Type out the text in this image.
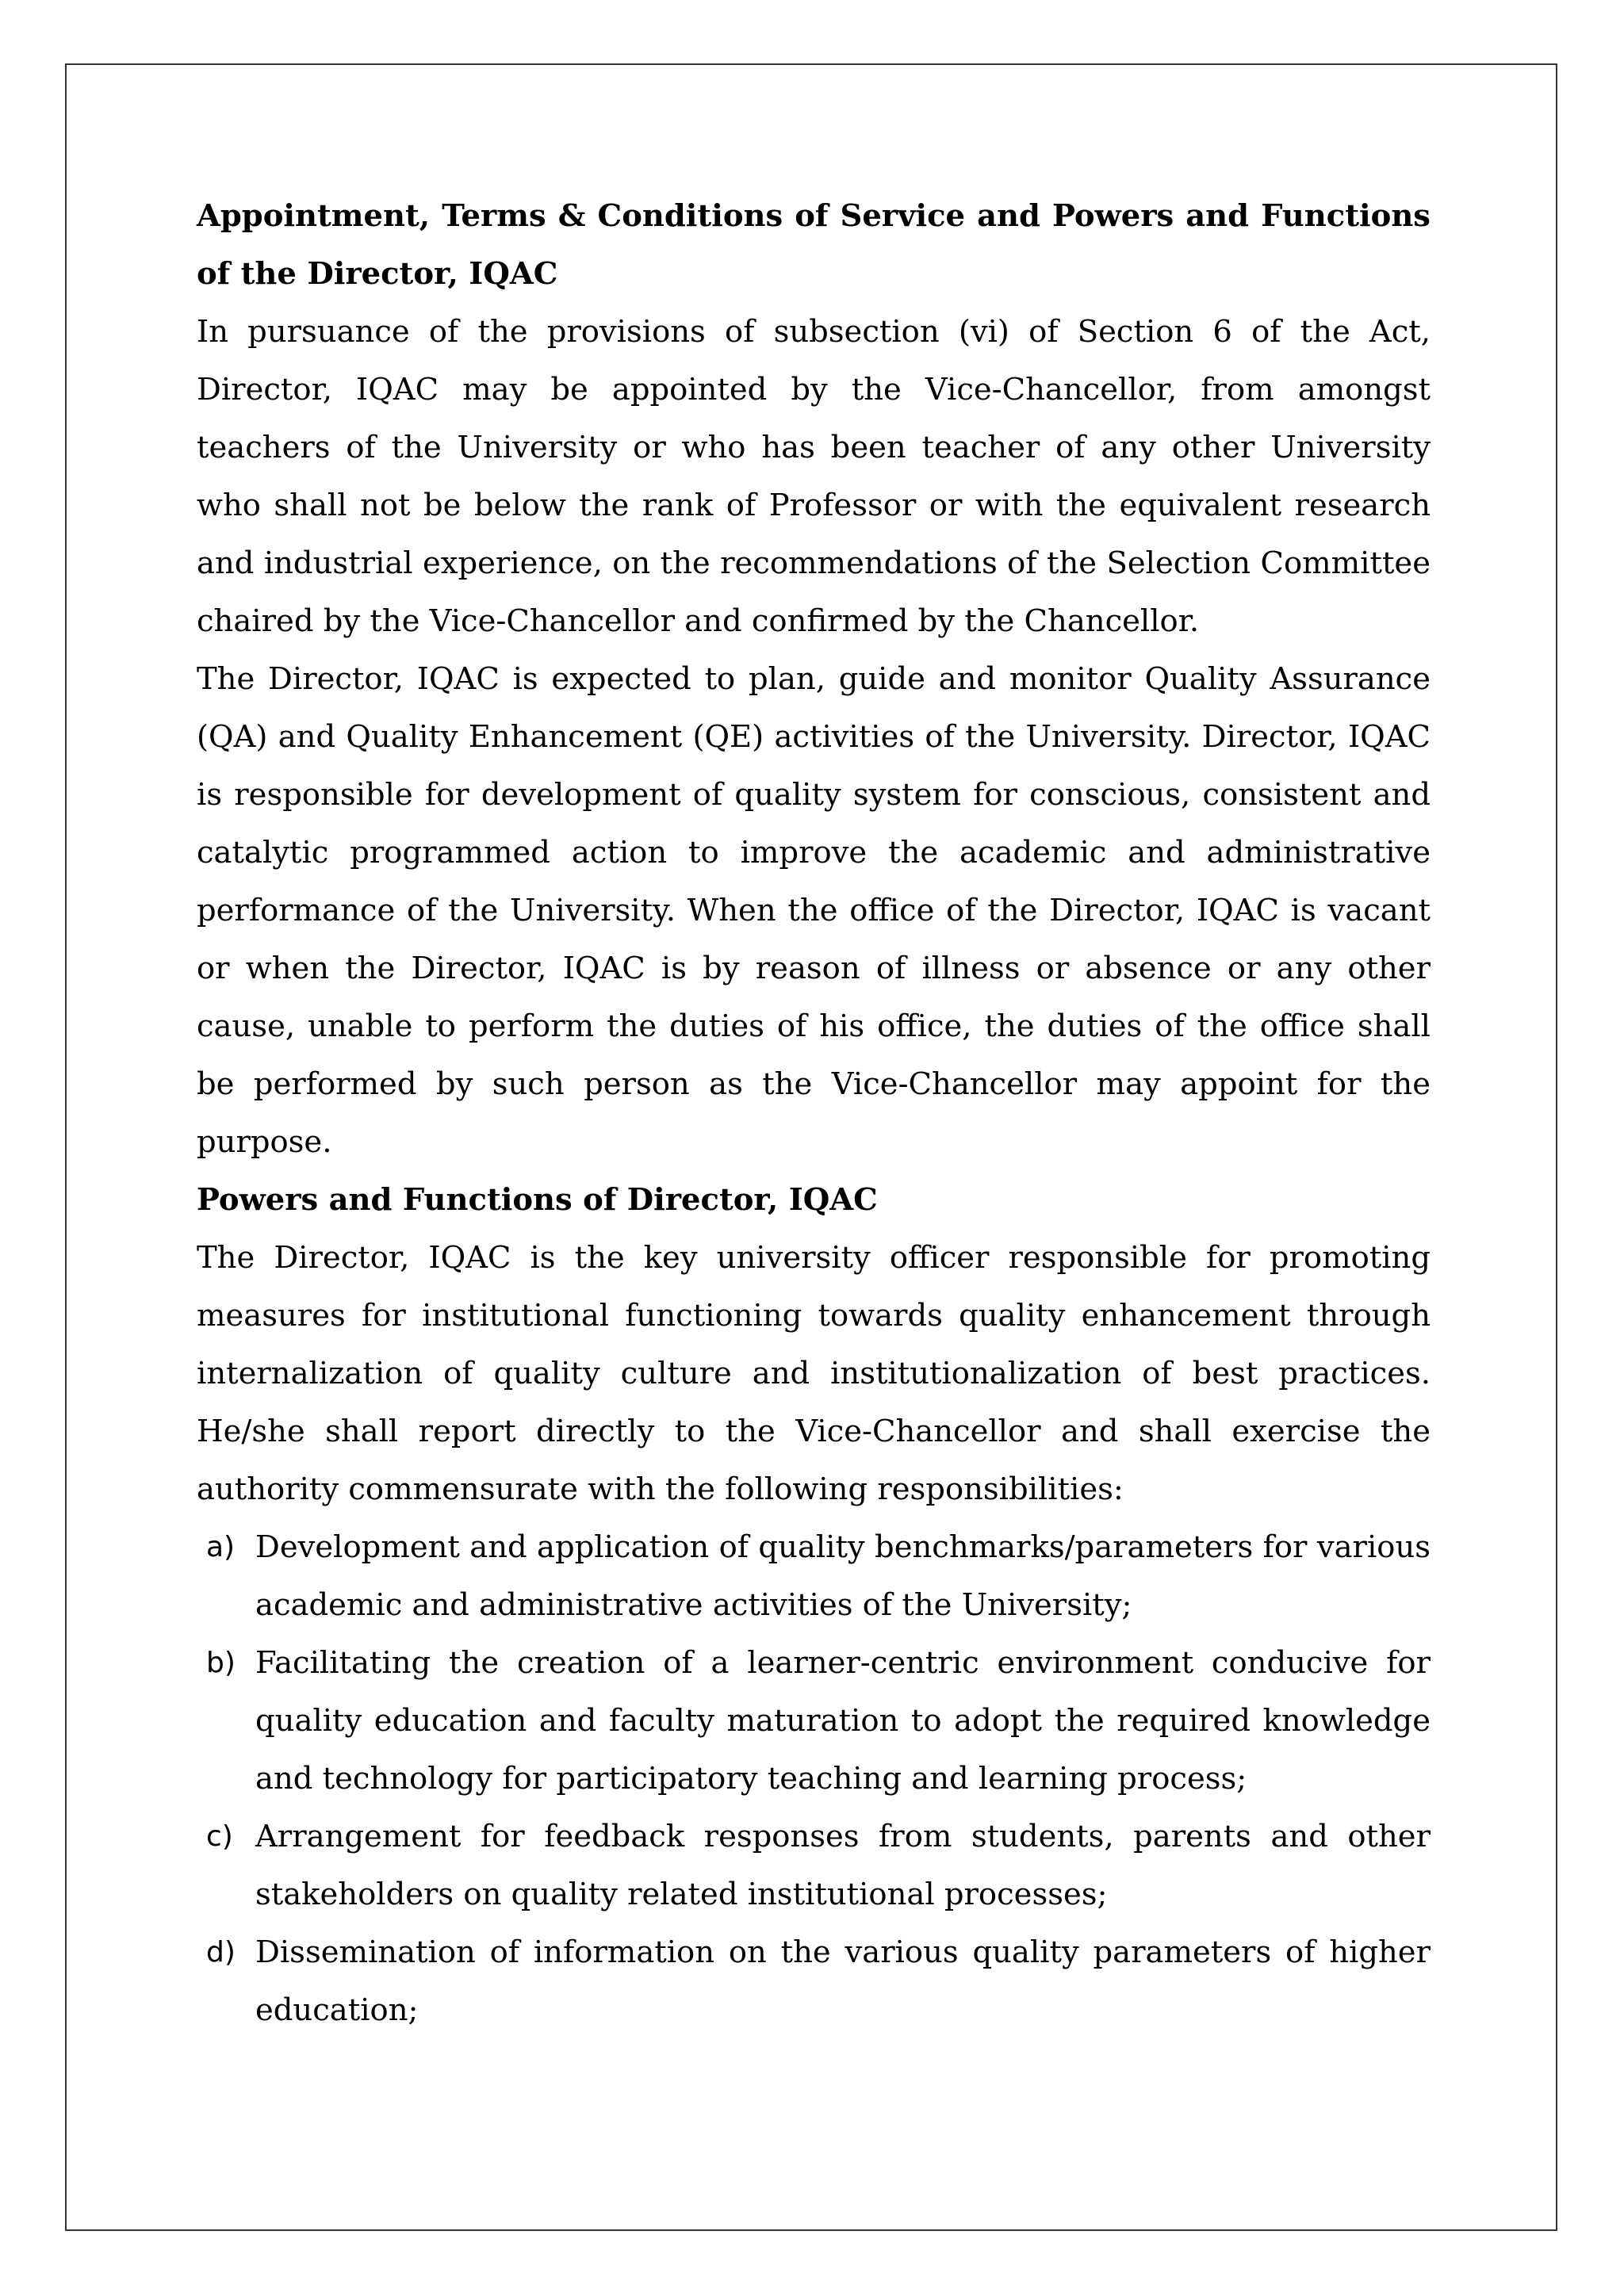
Appointment, Terms & Conditions of Service and Powers and Functions of the Director, IQAC

In pursuance of the provisions of subsection (vi) of Section 6 of the Act, Director, IQAC may be appointed by the Vice-Chancellor, from amongst teachers of the University or who has been teacher of any other University who shall not be below the rank of Professor or with the equivalent research and industrial experience, on the recommendations of the Selection Committee chaired by the Vice-Chancellor and confirmed by the Chancellor.

The Director, IQAC is expected to plan, guide and monitor Quality Assurance (QA) and Quality Enhancement (QE) activities of the University. Director, IQAC is responsible for development of quality system for conscious, consistent and catalytic programmed action to improve the academic and administrative performance of the University. When the office of the Director, IQAC is vacant or when the Director, IQAC is by reason of illness or absence or any other cause, unable to perform the duties of his office, the duties of the office shall be performed by such person as the Vice-Chancellor may appoint for the purpose.

Powers and Functions of Director, IQAC

The Director, IQAC is the key university officer responsible for promoting measures for institutional functioning towards quality enhancement through internalization of quality culture and institutionalization of best practices. He/she shall report directly to the Vice-Chancellor and shall exercise the authority commensurate with the following responsibilities:

a) Development and application of quality benchmarks/parameters for various academic and administrative activities of the University;
b) Facilitating the creation of a learner-centric environment conducive for quality education and faculty maturation to adopt the required knowledge and technology for participatory teaching and learning process;
c) Arrangement for feedback responses from students, parents and other stakeholders on quality related institutional processes;
d) Dissemination of information on the various quality parameters of higher education;
